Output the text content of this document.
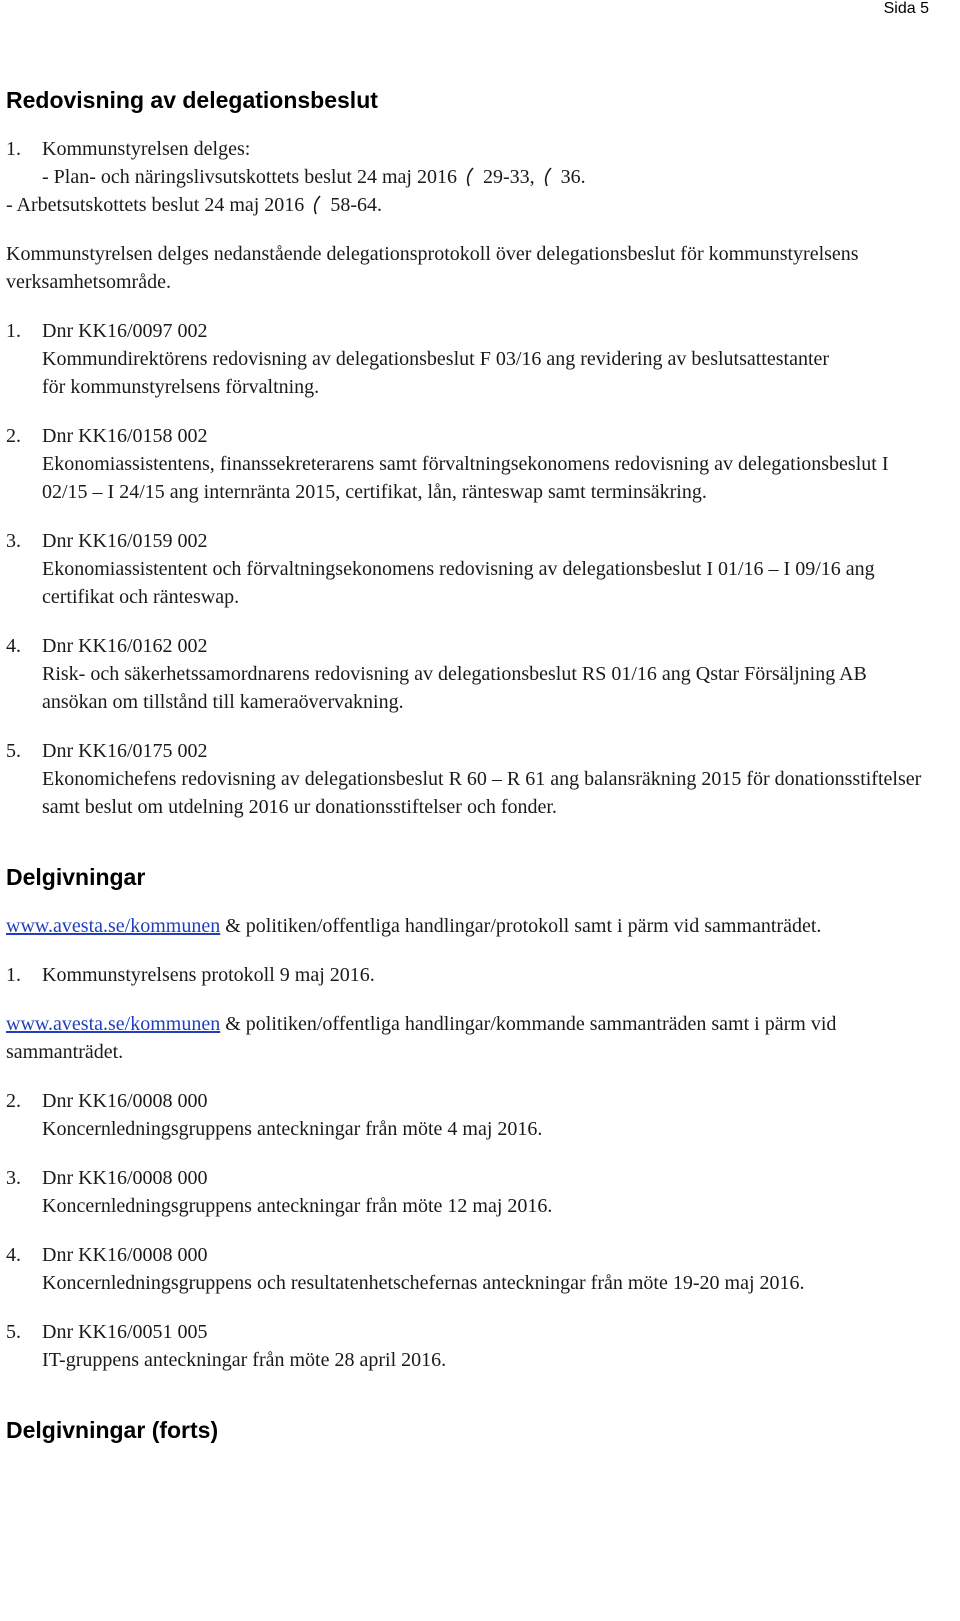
Sida 5
Redovisning av delegationsbeslut
1.	Kommunstyrelsen delges:
- Plan- och näringslivsutskottets beslut 24 maj 2016 29-33, 36.
- Arbetsutskottets beslut 24 maj 2016 58-64.

Kommunstyrelsen delges nedanstående delegationsprotokoll över delegationsbeslut för kommunstyrelsens verksamhetsområde.

1.	Dnr KK16/0097 002
Kommundirektörens redovisning av delegationsbeslut F 03/16 ang revidering av beslutsattestanter för kommunstyrelsens förvaltning.
2.	Dnr KK16/0158 002
Ekonomiassistentens, finanssekreterarens samt förvaltningsekonomens redovisning av delegationsbeslut I 02/15 – I 24/15 ang internränta 2015, certifikat, lån, ränteswap samt terminsäkring.
3.	Dnr KK16/0159 002
Ekonomiassistentent och förvaltningsekonomens redovisning av delegationsbeslut I 01/16 – I 09/16 ang certifikat och ränteswap.
4.	Dnr KK16/0162 002
Risk- och säkerhetssamordnarens redovisning av delegationsbeslut RS 01/16 ang Qstar Försäljning AB ansökan om tillstånd till kameraövervakning.
5.	Dnr KK16/0175 002
Ekonomichefens redovisning av delegationsbeslut R 60 – R 61 ang balansräkning 2015 för donationsstiftelser samt beslut om utdelning 2016 ur donationsstiftelser och fonder.
Delgivningar

www.avesta.se/kommunen & politiken/offentliga handlingar/protokoll samt i pärm vid sammanträdet.

1.	Kommunstyrelsens protokoll 9 maj 2016.

www.avesta.se/kommunen & politiken/offentliga handlingar/kommande sammanträden samt i pärm vid sammanträdet.

2.	Dnr KK16/0008 000
Koncernledningsgruppens anteckningar från möte 4 maj 2016.
3.	Dnr KK16/0008 000
Koncernledningsgruppens anteckningar från möte 12 maj 2016.
4.	Dnr KK16/0008 000
Koncernledningsgruppens och resultatenhetschefernas anteckningar från möte 19-20 maj 2016.
5.	Dnr KK16/0051 005
IT-gruppens anteckningar från möte 28 april 2016.
Delgivningar (forts)
